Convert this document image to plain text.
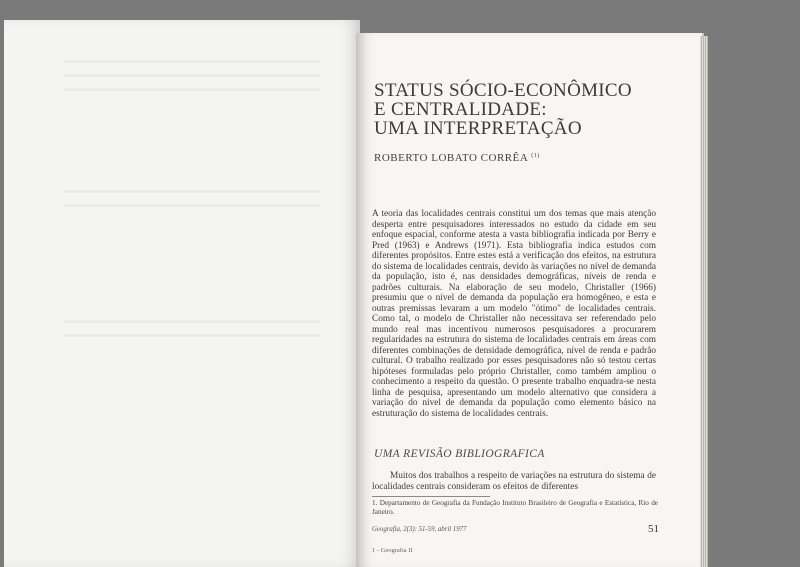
STATUS SÓCIO-ECONÔMICO
E CENTRALIDADE:
UMA INTERPRETAÇÃO
ROBERTO LOBATO CORRÊA $^{(1)}$

A teoria das localidades centrais constitui um dos temas que mais atenção desperta entre pesquisadores interessados no estudo da cidade em seu enfoque espacial, conforme atesta a vasta bibliografia indicada por Berry e Pred (1963) e Andrews (1971). Esta bibliografia indica estudos com diferentes propósitos. Entre estes está a verificação dos efeitos, na estrutura do sistema de localidades centrais, devido às variações no nível de demanda da população, isto é, nas densidades demográficas, níveis de renda e padrões culturais. Na elaboração de seu modelo, Christaller (1966) presumiu que o nível de demanda da população era homogêneo, e esta e outras premissas levaram a um modelo "ótimo" de localidades centrais. Como tal, o modelo de Christaller não necessitava ser referendado pelo mundo real mas incentivou numerosos pesquisadores a procurarem regularidades na estrutura do sistema de localidades centrais em áreas com diferentes combinações de densidade demográfica, nível de renda e padrão cultural. O trabalho realizado por esses pesquisadores não só testou certas hipóteses formuladas pelo próprio Christaller, como também ampliou o conhecimento a respeito da questão. O presente trabalho enquadra-se nesta linha de pesquisa, apresentando um modelo alternativo que considera a variação do nível de demanda da população como elemento básico na estruturação do sistema de localidades centrais.

UMA REVISÃO BIBLIOGRAFICA

Muitos dos trabalhos a respeito de variações na estrutura do sistema de localidades centrais consideram os efeitos de diferentes

1. Departamento de Geografia da Fundação Instituto Brasileiro de Geografia e Estatística, Rio de Janeiro.

Geografia, 2(3): 51-59, abril 1977	51
1 - Geografia II
